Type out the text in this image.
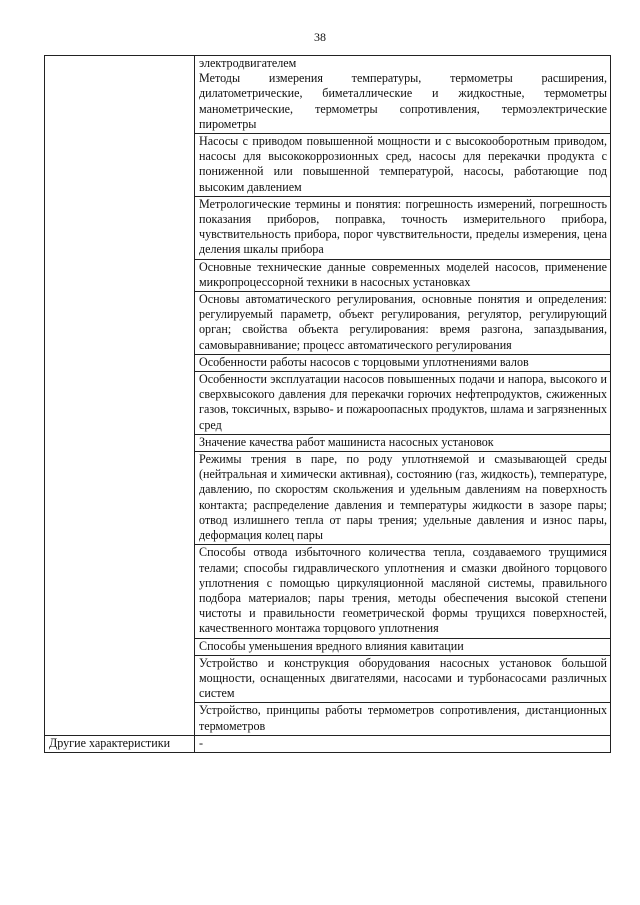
38

	электродвигателем
Методы измерения температуры, термометры расширения, дилатометрические, биметаллические и жидкостные, термометры манометрические, термометры сопротивления, термоэлектрические пирометры

	Насосы с приводом повышенной мощности и с высокооборотным приводом, насосы для высококоррозионных сред, насосы для перекачки продукта с пониженной или повышенной температурой, насосы, работающие под высоким давлением

	Метрологические термины и понятия: погрешность измерений, погрешность показания приборов, поправка, точность измерительного прибора, чувствительность прибора, порог чувствительности, пределы измерения, цена деления шкалы прибора

	Основные технические данные современных моделей насосов, применение микропроцессорной техники в насосных установках

	Основы автоматического регулирования, основные понятия и определения: регулируемый параметр, объект регулирования, регулятор, регулирующий орган; свойства объекта регулирования: время разгона, запаздывания, самовыравнивание; процесс автоматического регулирования

	Особенности работы насосов с торцовыми уплотнениями валов

	Особенности эксплуатации насосов повышенных подачи и напора, высокого и сверхвысокого давления для перекачки горючих нефтепродуктов, сжиженных газов, токсичных, взрыво- и пожароопасных продуктов, шлама и загрязненных сред

	Значение качества работ машиниста насосных установок

	Режимы трения в паре, по роду уплотняемой и смазывающей среды (нейтральная и химически активная), состоянию (газ, жидкость), температуре, давлению, по скоростям скольжения и удельным давлениям на поверхность контакта; распределение давления и температуры жидкости в зазоре пары; отвод излишнего тепла от пары трения; удельные давления и износ пары, деформация колец пары

	Способы отвода избыточного количества тепла, создаваемого трущимися телами; способы гидравлического уплотнения и смазки двойного торцового уплотнения с помощью циркуляционной масляной системы, правильного подбора материалов; пары трения, методы обеспечения высокой степени чистоты и правильности геометрической формы трущихся поверхностей, качественного монтажа торцового уплотнения

	Способы уменьшения вредного влияния кавитации

	Устройство и конструкция оборудования насосных установок большой мощности, оснащенных двигателями, насосами и турбонасосами различных систем

	Устройство, принципы работы термометров сопротивления, дистанционных термометров

Другие характеристики	-
